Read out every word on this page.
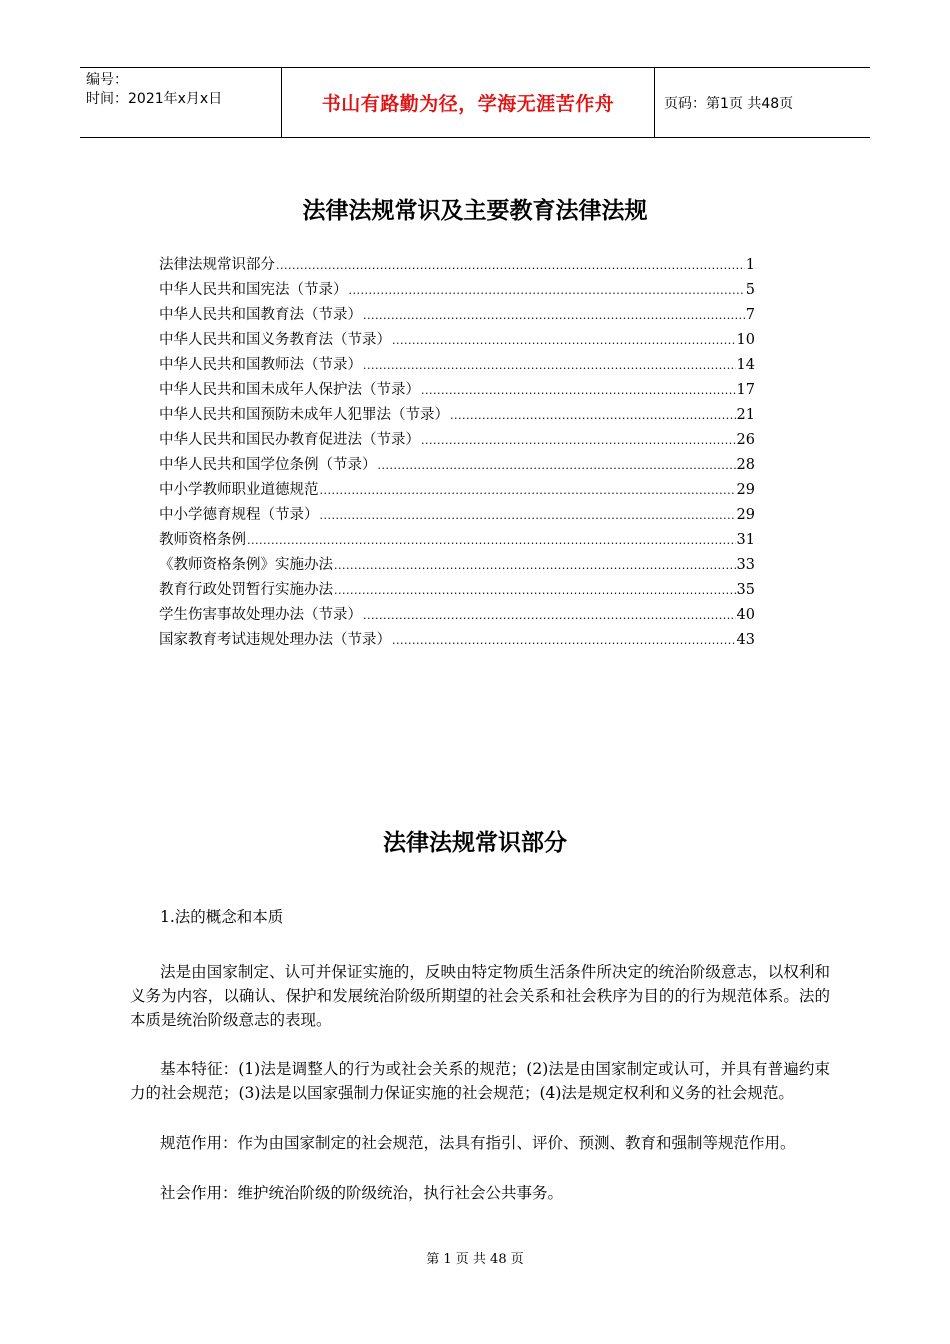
编号：
时间：2021年x月x日	书山有路勤为径，学海无涯苦作舟	页码：第1页 共48页
法律法规常识及主要教育法律法规
法律法规常识部分 .....	1
中华人民共和国宪法（节录） .....	5
中华人民共和国教育法（节录） .....	7
中华人民共和国义务教育法（节录） .....	10
中华人民共和国教师法（节录） .....	14
中华人民共和国未成年人保护法（节录） .....	17
中华人民共和国预防未成年人犯罪法（节录） .....	21
中华人民共和国民办教育促进法（节录） .....	26
中华人民共和国学位条例（节录） .....	28
中小学教师职业道德规范 .....	29
中小学德育规程（节录） .....	29
教师资格条例 .....	31
《教师资格条例》实施办法 .....	33
教育行政处罚暂行实施办法 .....	35
学生伤害事故处理办法（节录） .....	40
国家教育考试违规处理办法（节录） .....	43
法律法规常识部分
1.法的概念和本质
法是由国家制定、认可并保证实施的，反映由特定物质生活条件所决定的统治阶级意志，以权利和义务为内容，以确认、保护和发展统治阶级所期望的社会关系和社会秩序为目的的行为规范体系。法的本质是统治阶级意志的表现。
基本特征：(1)法是调整人的行为或社会关系的规范；(2)法是由国家制定或认可，并具有普遍约束力的社会规范；(3)法是以国家强制力保证实施的社会规范；(4)法是规定权利和义务的社会规范。
规范作用：作为由国家制定的社会规范，法具有指引、评价、预测、教育和强制等规范作用。
社会作用：维护统治阶级的阶级统治，执行社会公共事务。
第 1 页 共 48 页
